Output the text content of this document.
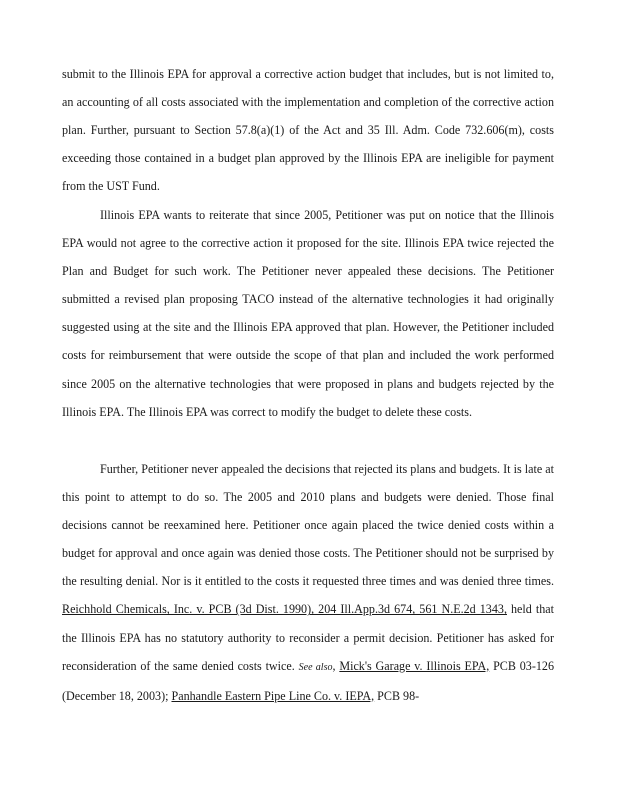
submit to the Illinois EPA for approval a corrective action budget that includes, but is not limited to, an accounting of all costs associated with the implementation and completion of the corrective action plan. Further, pursuant to Section 57.8(a)(1) of the Act and 35 Ill. Adm. Code 732.606(m), costs exceeding those contained in a budget plan approved by the Illinois EPA are ineligible for payment from the UST Fund.

Illinois EPA wants to reiterate that since 2005, Petitioner was put on notice that the Illinois EPA would not agree to the corrective action it proposed for the site. Illinois EPA twice rejected the Plan and Budget for such work. The Petitioner never appealed these decisions. The Petitioner submitted a revised plan proposing TACO instead of the alternative technologies it had originally suggested using at the site and the Illinois EPA approved that plan. However, the Petitioner included costs for reimbursement that were outside the scope of that plan and included the work performed since 2005 on the alternative technologies that were proposed in plans and budgets rejected by the Illinois EPA. The Illinois EPA was correct to modify the budget to delete these costs.

Further, Petitioner never appealed the decisions that rejected its plans and budgets. It is late at this point to attempt to do so. The 2005 and 2010 plans and budgets were denied. Those final decisions cannot be reexamined here. Petitioner once again placed the twice denied costs within a budget for approval and once again was denied those costs. The Petitioner should not be surprised by the resulting denial. Nor is it entitled to the costs it requested three times and was denied three times. Reichhold Chemicals, Inc. v. PCB (3d Dist. 1990), 204 Ill.App.3d 674, 561 N.E.2d 1343, held that the Illinois EPA has no statutory authority to reconsider a permit decision. Petitioner has asked for reconsideration of the same denied costs twice. See also, Mick's Garage v. Illinois EPA, PCB 03-126 (December 18, 2003); Panhandle Eastern Pipe Line Co. v. IEPA, PCB 98-
